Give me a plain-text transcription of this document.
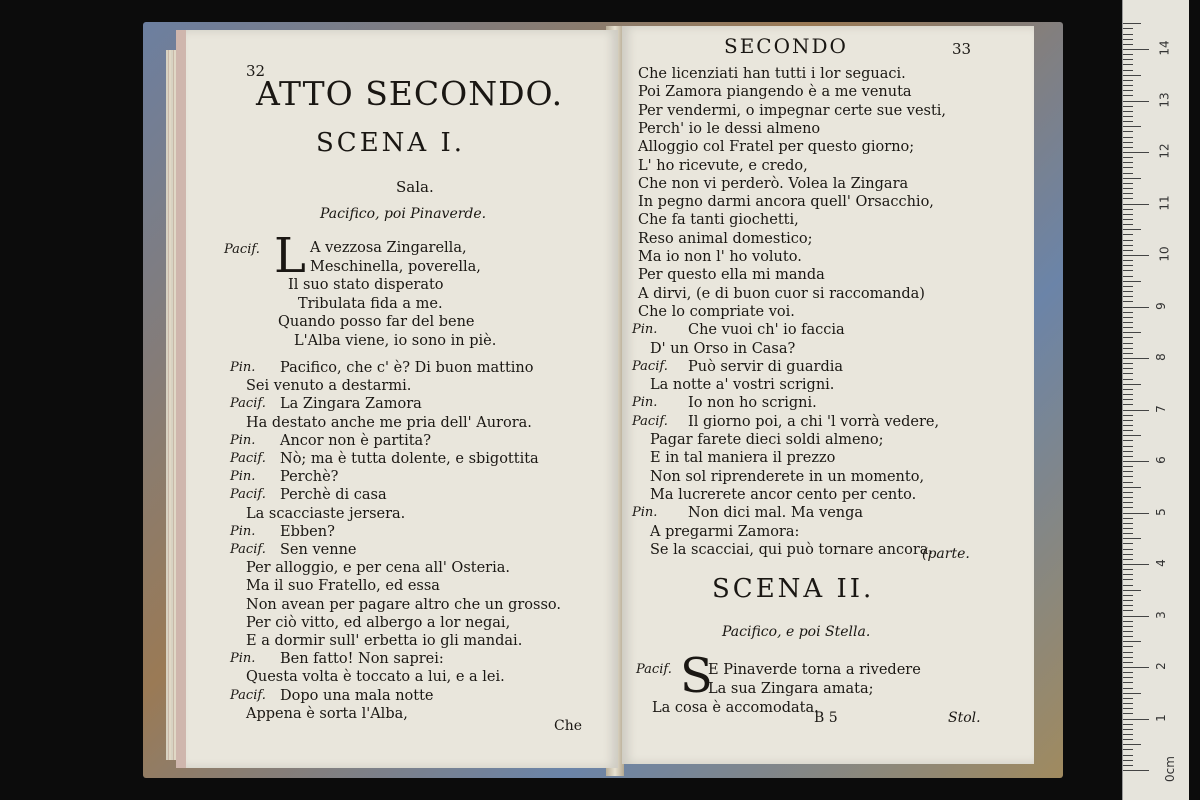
32
ATTO SECONDO.
SCENA I.
Sala.
Pacifico, poi Pinaverde.
Pacif. L A vezzosa Zingarella,
Meschinella, poverella,
Il suo stato disperato
Tribulata fida a me.
Quando posso far del bene
L'Alba viene, io sono in piè.
Pin. Pacifico, che c' è? Di buon mattino
Sei venuto a destarmi.
Pacif. La Zingara Zamora
Ha destato anche me pria dell' Aurora.
Pin. Ancor non è partita?
Pacif. Nò; ma è tutta dolente, e sbigottita
Pin. Perchè?
Pacif. Perchè di casa
La scacciaste jersera.
Pin. Ebben?
Pacif. Sen venne
Per alloggio, e per cena all' Osteria.
Ma il suo Fratello, ed essa
Non avean per pagare altro che un grosso.
Per ciò vitto, ed albergo a lor negai,
E a dormir sull' erbetta io gli mandai.
Pin. Ben fatto! Non saprei:
Questa volta è toccato a lui, e a lei.
Pacif. Dopo una mala notte
Appena è sorta l'Alba,
Che
SECONDO	33
Che licenziati han tutti i lor seguaci.
Poi Zamora piangendo è a me venuta
Per vendermi, o impegnar certe sue vesti,
Perch' io le dessi almeno
Alloggio col Fratel per questo giorno;
L' ho ricevute, e credo,
Che non vi perderò. Volea la Zingara
In pegno darmi ancora quell' Orsacchio,
Che fa tanti giochetti,
Reso animal domestico;
Ma io non l' ho voluto.
Per questo ella mi manda
A dirvi, (e di buon cuor si raccomanda)
Che lo compriate voi.
Pin. Che vuoi ch' io faccia
D' un Orso in Casa?
Pacif. Può servir di guardia
La notte a' vostri scrigni.
Pin. Io non ho scrigni.
Pacif. Il giorno poi, a chi 'l vorrà vedere,
Pagar farete dieci soldi almeno;
E in tal maniera il prezzo
Non sol riprenderete in un momento,
Ma lucrerete ancor cento per cento.
Pin. Non dici mal. Ma venga
A pregarmi Zamora:
Se la scacciai, qui può tornare ancora.
(parte.
SCENA II.
Pacifico, e poi Stella.
Pacif. S
E Pinaverde torna a rivedere
La sua Zingara amata;
La cosa è accomodata.
B 5	Stol.
0cm
1
2
3
4
5
6
7
8
9
10
11
12
13
14
